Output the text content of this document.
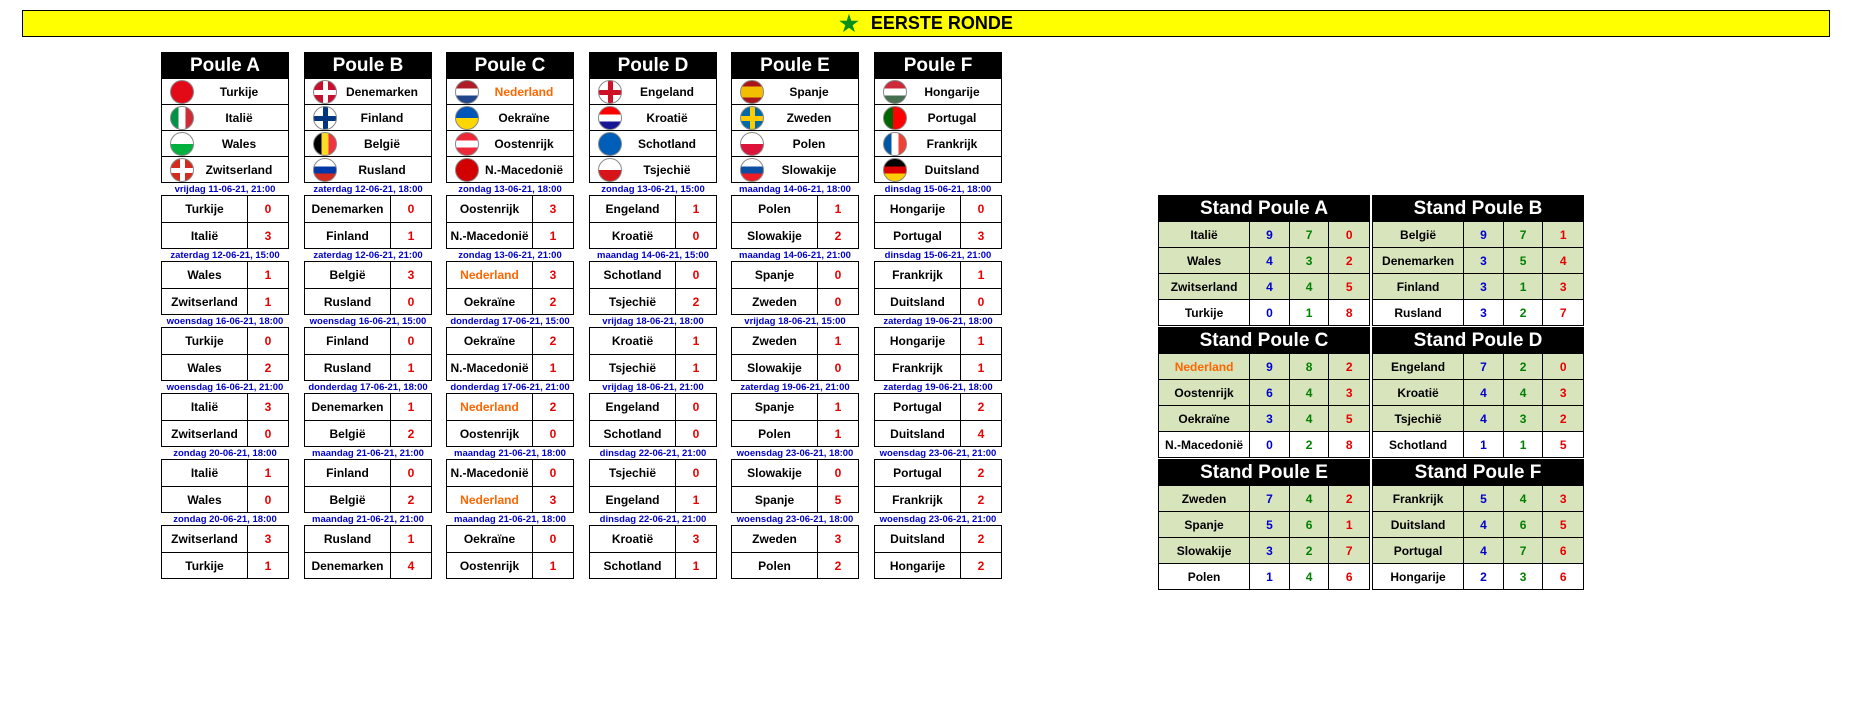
★ EERSTE RONDE
Poule A
Turkije
Italië
Wales
Zwitserland
Poule B
Denemarken
Finland
België
Rusland
Poule C
Nederland
Oekraïne
Oostenrijk
N.-Macedonië
Poule D
Engeland
Kroatië
Schotland
Tsjechië
Poule E
Spanje
Zweden
Polen
Slowakije
Poule F
Hongarije
Portugal
Frankrijk
Duitsland
vrijdag 11-06-21, 21:00
Turkije	0
Italië	3
zaterdag 12-06-21, 15:00
Wales	1
Zwitserland	1
woensdag 16-06-21, 18:00
Turkije	0
Wales	2
woensdag 16-06-21, 21:00
Italië	3
Zwitserland	0
zondag 20-06-21, 18:00
Italië	1
Wales	0
zondag 20-06-21, 18:00
Zwitserland	3
Turkije	1
zaterdag 12-06-21, 18:00
Denemarken	0
Finland	1
zaterdag 12-06-21, 21:00
België	3
Rusland	0
woensdag 16-06-21, 15:00
Finland	0
Rusland	1
donderdag 17-06-21, 18:00
Denemarken	1
België	2
maandag 21-06-21, 21:00
Finland	0
België	2
maandag 21-06-21, 21:00
Rusland	1
Denemarken	4
zondag 13-06-21, 18:00
Oostenrijk	3
N.-Macedonië	1
zondag 13-06-21, 21:00
Nederland	3
Oekraïne	2
donderdag 17-06-21, 15:00
Oekraïne	2
N.-Macedonië	1
donderdag 17-06-21, 21:00
Nederland	2
Oostenrijk	0
maandag 21-06-21, 18:00
N.-Macedonië	0
Nederland	3
maandag 21-06-21, 18:00
Oekraïne	0
Oostenrijk	1
zondag 13-06-21, 15:00
Engeland	1
Kroatië	0
maandag 14-06-21, 15:00
Schotland	0
Tsjechië	2
vrijdag 18-06-21, 18:00
Kroatië	1
Tsjechië	1
vrijdag 18-06-21, 21:00
Engeland	0
Schotland	0
dinsdag 22-06-21, 21:00
Tsjechië	0
Engeland	1
dinsdag 22-06-21, 21:00
Kroatië	3
Schotland	1
maandag 14-06-21, 18:00
Polen	1
Slowakije	2
maandag 14-06-21, 21:00
Spanje	0
Zweden	0
vrijdag 18-06-21, 15:00
Zweden	1
Slowakije	0
zaterdag 19-06-21, 21:00
Spanje	1
Polen	1
woensdag 23-06-21, 18:00
Slowakije	0
Spanje	5
woensdag 23-06-21, 18:00
Zweden	3
Polen	2
dinsdag 15-06-21, 18:00
Hongarije	0
Portugal	3
dinsdag 15-06-21, 21:00
Frankrijk	1
Duitsland	0
zaterdag 19-06-21, 18:00
Hongarije	1
Frankrijk	1
zaterdag 19-06-21, 18:00
Portugal	2
Duitsland	4
woensdag 23-06-21, 21:00
Portugal	2
Frankrijk	2
woensdag 23-06-21, 21:00
Duitsland	2
Hongarije	2
Stand Poule A
Italië	9	7	0
Wales	4	3	2
Zwitserland	4	4	5
Turkije	0	1	8
Stand Poule B
België	9	7	1
Denemarken	3	5	4
Finland	3	1	3
Rusland	3	2	7
Stand Poule C
Nederland	9	8	2
Oostenrijk	6	4	3
Oekraïne	3	4	5
N.-Macedonië	0	2	8
Stand Poule D
Engeland	7	2	0
Kroatië	4	4	3
Tsjechië	4	3	2
Schotland	1	1	5
Stand Poule E
Zweden	7	4	2
Spanje	5	6	1
Slowakije	3	2	7
Polen	1	4	6
Stand Poule F
Frankrijk	5	4	3
Duitsland	4	6	5
Portugal	4	7	6
Hongarije	2	3	6
